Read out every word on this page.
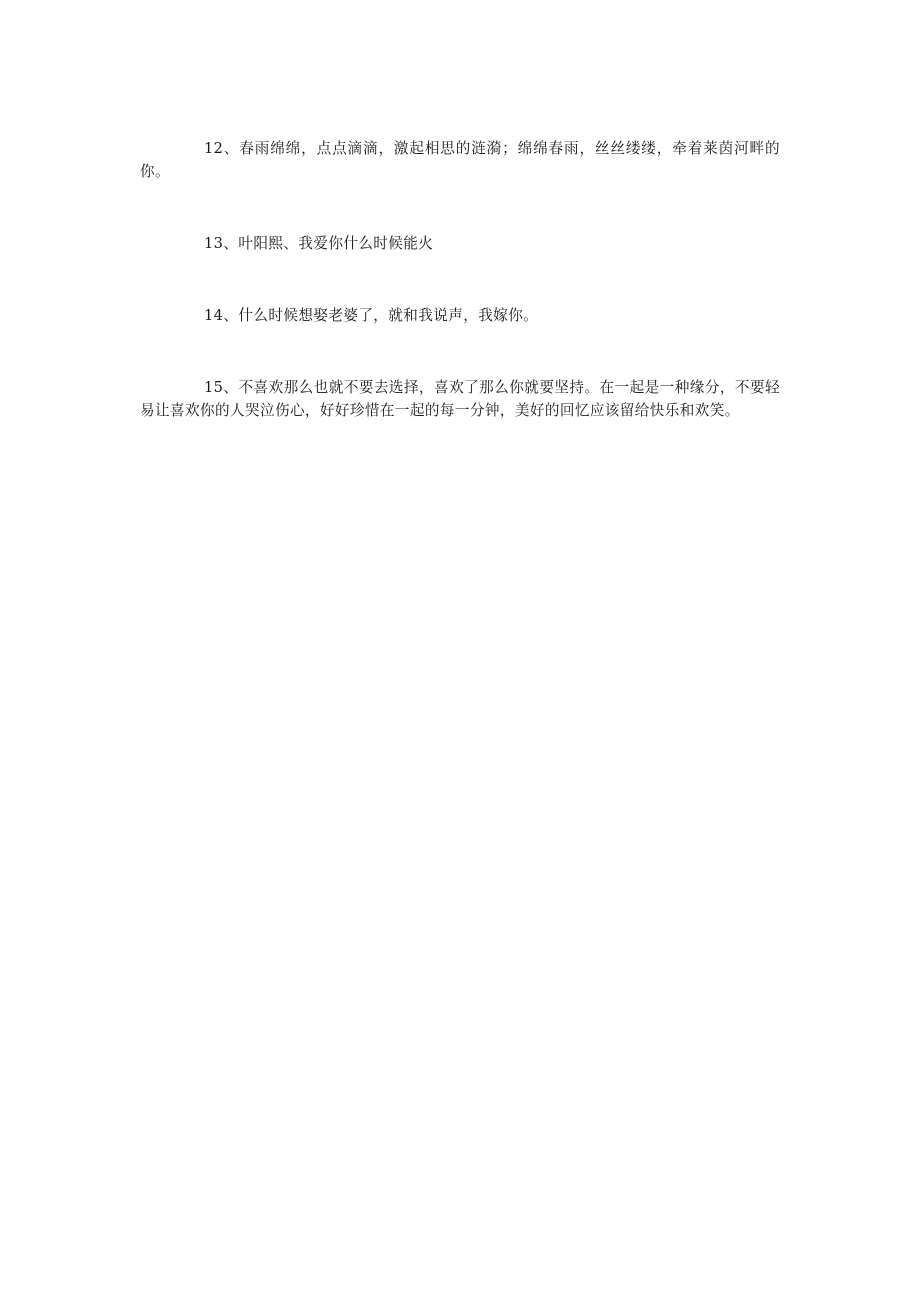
12、春雨绵绵，点点滴滴，激起相思的涟漪；绵绵春雨，丝丝缕缕，牵着莱茵河畔的你。

13、叶阳熙、我爱你什么时候能火

14、什么时候想娶老婆了，就和我说声，我嫁你。

15、不喜欢那么也就不要去选择，喜欢了那么你就要坚持。在一起是一种缘分，不要轻易让喜欢你的人哭泣伤心，好好珍惜在一起的每一分钟，美好的回忆应该留给快乐和欢笑。
